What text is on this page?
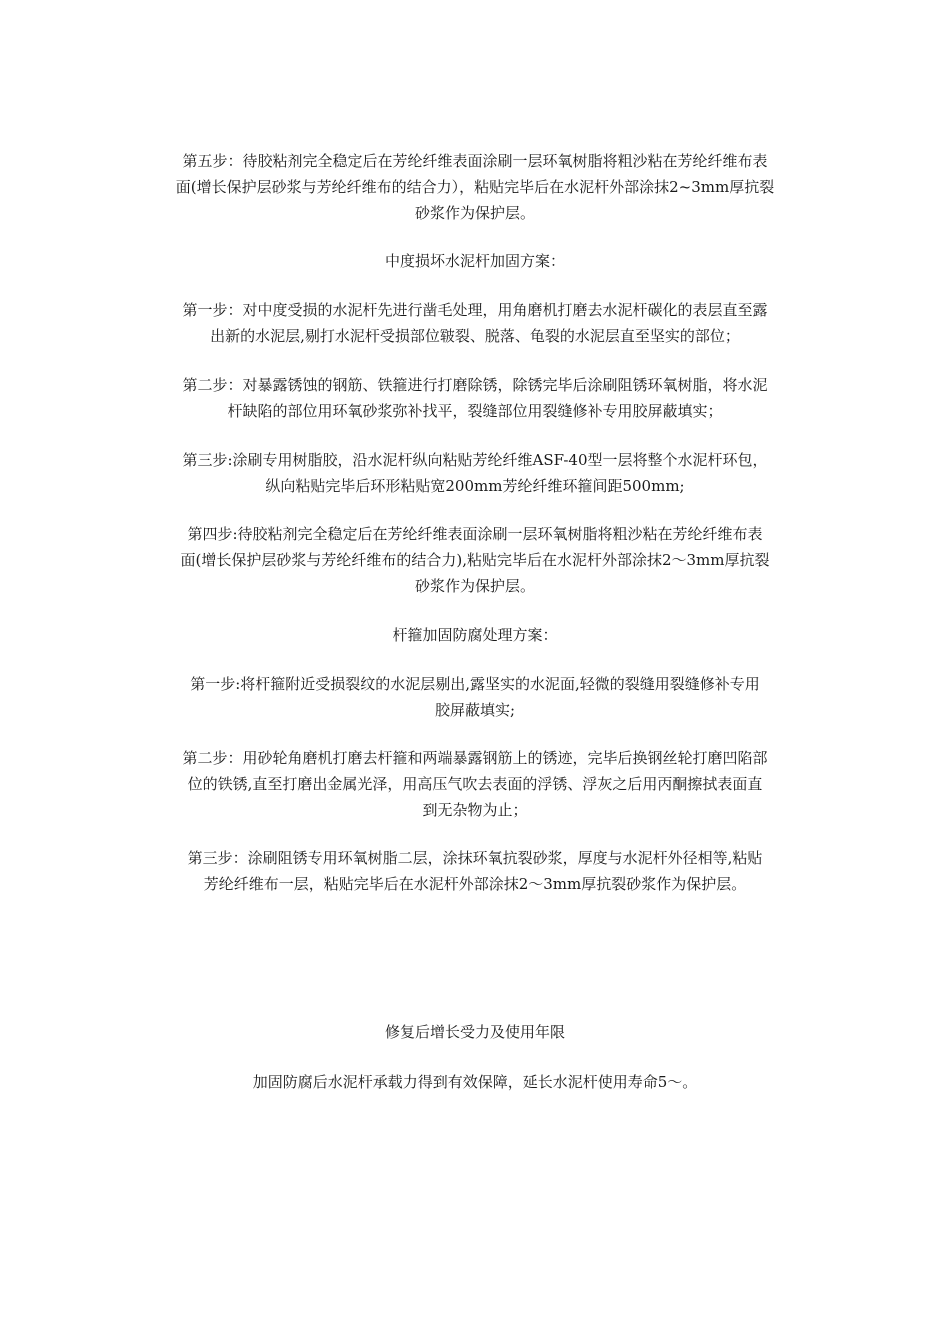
第五步：待胶粘剂完全稳定后在芳纶纤维表面涂刷一层环氧树脂将粗沙粘在芳纶纤维布表
面(增长保护层砂浆与芳纶纤维布的结合力），粘贴完毕后在水泥杆外部涂抹2~3mm厚抗裂
砂浆作为保护层。

中度损坏水泥杆加固方案：

第一步：对中度受损的水泥杆先进行凿毛处理，用角磨机打磨去水泥杆碳化的表层直至露
出新的水泥层,剔打水泥杆受损部位皲裂、脱落、龟裂的水泥层直至坚实的部位；

第二步：对暴露锈蚀的钢筋、铁箍进行打磨除锈，除锈完毕后涂刷阻锈环氧树脂，将水泥
杆缺陷的部位用环氧砂浆弥补找平，裂缝部位用裂缝修补专用胶屏蔽填实；

第三步:涂刷专用树脂胶，沿水泥杆纵向粘贴芳纶纤维ASF-40型一层将整个水泥杆环包，
纵向粘贴完毕后环形粘贴宽200mm芳纶纤维环箍间距500mm;

第四步:待胶粘剂完全稳定后在芳纶纤维表面涂刷一层环氧树脂将粗沙粘在芳纶纤维布表
面(增长保护层砂浆与芳纶纤维布的结合力),粘贴完毕后在水泥杆外部涂抹2～3mm厚抗裂
砂浆作为保护层。

杆箍加固防腐处理方案：

第一步:将杆箍附近受损裂纹的水泥层剔出,露坚实的水泥面,轻微的裂缝用裂缝修补专用
胶屏蔽填实;

第二步：用砂轮角磨机打磨去杆箍和两端暴露钢筋上的锈迹，完毕后换钢丝轮打磨凹陷部
位的铁锈,直至打磨出金属光泽，用高压气吹去表面的浮锈、浮灰之后用丙酮擦拭表面直
到无杂物为止；

第三步：涂刷阻锈专用环氧树脂二层，涂抹环氧抗裂砂浆，厚度与水泥杆外径相等,粘贴
芳纶纤维布一层，粘贴完毕后在水泥杆外部涂抹2～3mm厚抗裂砂浆作为保护层。

修复后增长受力及使用年限

加固防腐后水泥杆承载力得到有效保障，延长水泥杆使用寿命5～。
